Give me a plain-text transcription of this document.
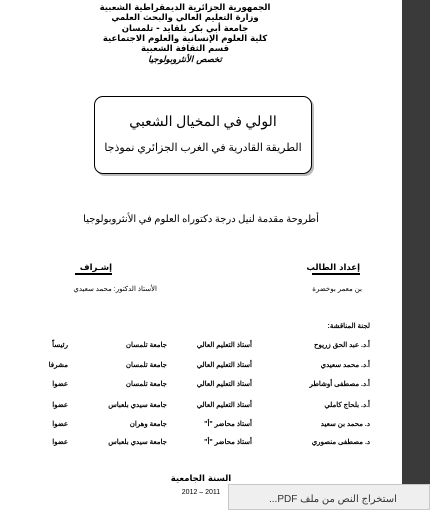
الجمهورية الجزائرية الديمقراطية الشعبية
وزارة التعليم العالي والبحث العلمي
جامعة أبي بكر بلقايد - تلمسان
كلية العلوم الإنسانية والعلوم الاجتماعية
قسم الثقافة الشعبية
تخصص الأنثروبولوجيا
الولي في المخيال الشعبي
الطريقة القادرية في الغرب الجزائري نموذجا
أطروحة مقدمة لنيل درجة دكتوراه العلوم في الأنثروبولوجيا
إعداد الطالب
بن معمر بوخضرة
إشـراف
الأستاذ الدكتور: محمد سعيدي
لجنة المناقشة:
أ.د. عبد الحق زريوح
أستاذ التعليم العالي
جامعة تلمسان
رئيساً
أ.د. محمد سعيدي
أستاذ التعليم العالي
جامعة تلمسان
مشرفا
أ.د. مصطفى أوشاطر
أستاذ التعليم العالي
جامعة تلمسان
عضوا
أ.د. بلحاج كاملي
أستاذ التعليم العالي
جامعة سيدي بلعباس
عضوا
د. محمد بن سعيد
أستاذ محاضر "أ"
جامعة وهران
عضوا
د. مصطفى منصوري
أستاذ محاضر "أ"
جامعة سيدي بلعباس
عضوا
السنة الجامعية
2012 – 2011
استخراج النص من ملف PDF...
